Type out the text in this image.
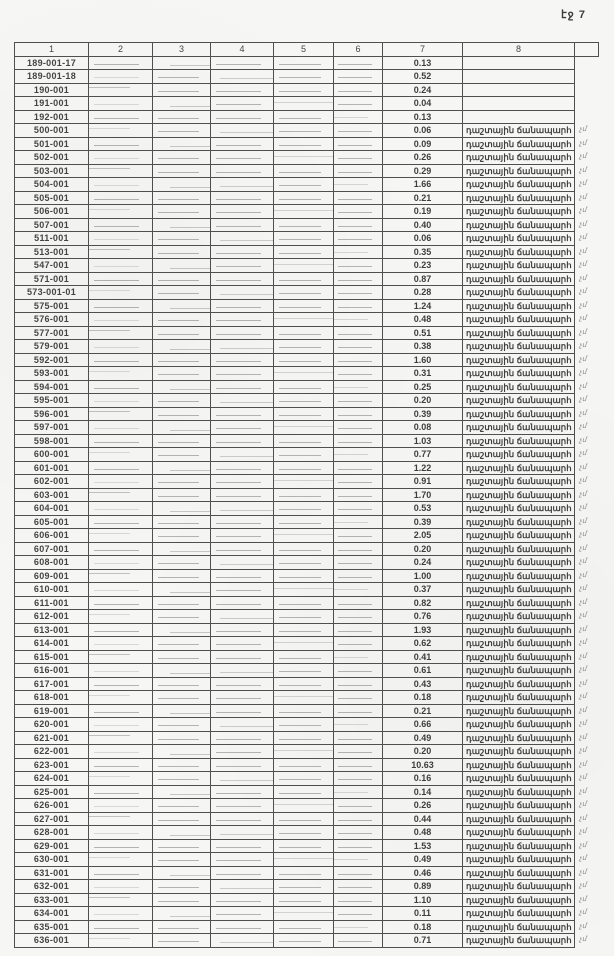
էջ 7
1	2	3	4	5	6	7	8	
189-001-17						0.13		
189-001-18						0.52		
190-001						0.24		
191-001						0.04		
192-001						0.13		
500-001						0.06	դաշտային ճանապարհ	չմ
501-001						0.09	դաշտային ճանապարհ	չմ
502-001						0.26	դաշտային ճանապարհ	չմ
503-001						0.29	դաշտային ճանապարհ	չմ
504-001						1.66	դաշտային ճանապարհ	չմ
505-001						0.21	դաշտային ճանապարհ	չմ
506-001						0.19	դաշտային ճանապարհ	չմ
507-001						0.40	դաշտային ճանապարհ	չմ
511-001						0.06	դաշտային ճանապարհ	չմ
513-001						0.35	դաշտային ճանապարհ	չմ
547-001						0.23	դաշտային ճանապարհ	չմ
571-001						0.87	դաշտային ճանապարհ	չմ
573-001-01						0.28	դաշտային ճանապարհ	չմ
575-001						1.24	դաշտային ճանապարհ	չմ
576-001						0.48	դաշտային ճանապարհ	չմ
577-001						0.51	դաշտային ճանապարհ	չմ
579-001						0.38	դաշտային ճանապարհ	չմ
592-001						1.60	դաշտային ճանապարհ	չմ
593-001						0.31	դաշտային ճանապարհ	չմ
594-001						0.25	դաշտային ճանապարհ	չմ
595-001						0.20	դաշտային ճանապարհ	չմ
596-001						0.39	դաշտային ճանապարհ	չմ
597-001						0.08	դաշտային ճանապարհ	չմ
598-001						1.03	դաշտային ճանապարհ	չմ
600-001						0.77	դաշտային ճանապարհ	չմ
601-001						1.22	դաշտային ճանապարհ	չմ
602-001						0.91	դաշտային ճանապարհ	չմ
603-001						1.70	դաշտային ճանապարհ	չմ
604-001						0.53	դաշտային ճանապարհ	չմ
605-001						0.39	դաշտային ճանապարհ	չմ
606-001						2.05	դաշտային ճանապարհ	չմ
607-001						0.20	դաշտային ճանապարհ	չմ
608-001						0.24	դաշտային ճանապարհ	չմ
609-001						1.00	դաշտային ճանապարհ	չմ
610-001						0.37	դաշտային ճանապարհ	չմ
611-001						0.82	դաշտային ճանապարհ	չմ
612-001						0.76	դաշտային ճանապարհ	չմ
613-001						1.93	դաշտային ճանապարհ	չմ
614-001						0.62	դաշտային ճանապարհ	չմ
615-001						0.41	դաշտային ճանապարհ	չմ
616-001						0.61	դաշտային ճանապարհ	չմ
617-001						0.43	դաշտային ճանապարհ	չմ
618-001						0.18	դաշտային ճանապարհ	չմ
619-001						0.21	դաշտային ճանապարհ	չմ
620-001						0.66	դաշտային ճանապարհ	չմ
621-001						0.49	դաշտային ճանապարհ	չմ
622-001						0.20	դաշտային ճանապարհ	չմ
623-001						10.63	դաշտային ճանապարհ	չմ
624-001						0.16	դաշտային ճանապարհ	չմ
625-001						0.14	դաշտային ճանապարհ	չմ
626-001						0.26	դաշտային ճանապարհ	չմ
627-001						0.44	դաշտային ճանապարհ	չմ
628-001						0.48	դաշտային ճանապարհ	չմ
629-001						1.53	դաշտային ճանապարհ	չմ
630-001						0.49	դաշտային ճանապարհ	չմ
631-001						0.46	դաշտային ճանապարհ	չմ
632-001						0.89	դաշտային ճանապարհ	չմ
633-001						1.10	դաշտային ճանապարհ	չմ
634-001						0.11	դաշտային ճանապարհ	չմ
635-001						0.18	դաշտային ճանապարհ	չմ
636-001						0.71	դաշտային ճանապարհ	չմ
